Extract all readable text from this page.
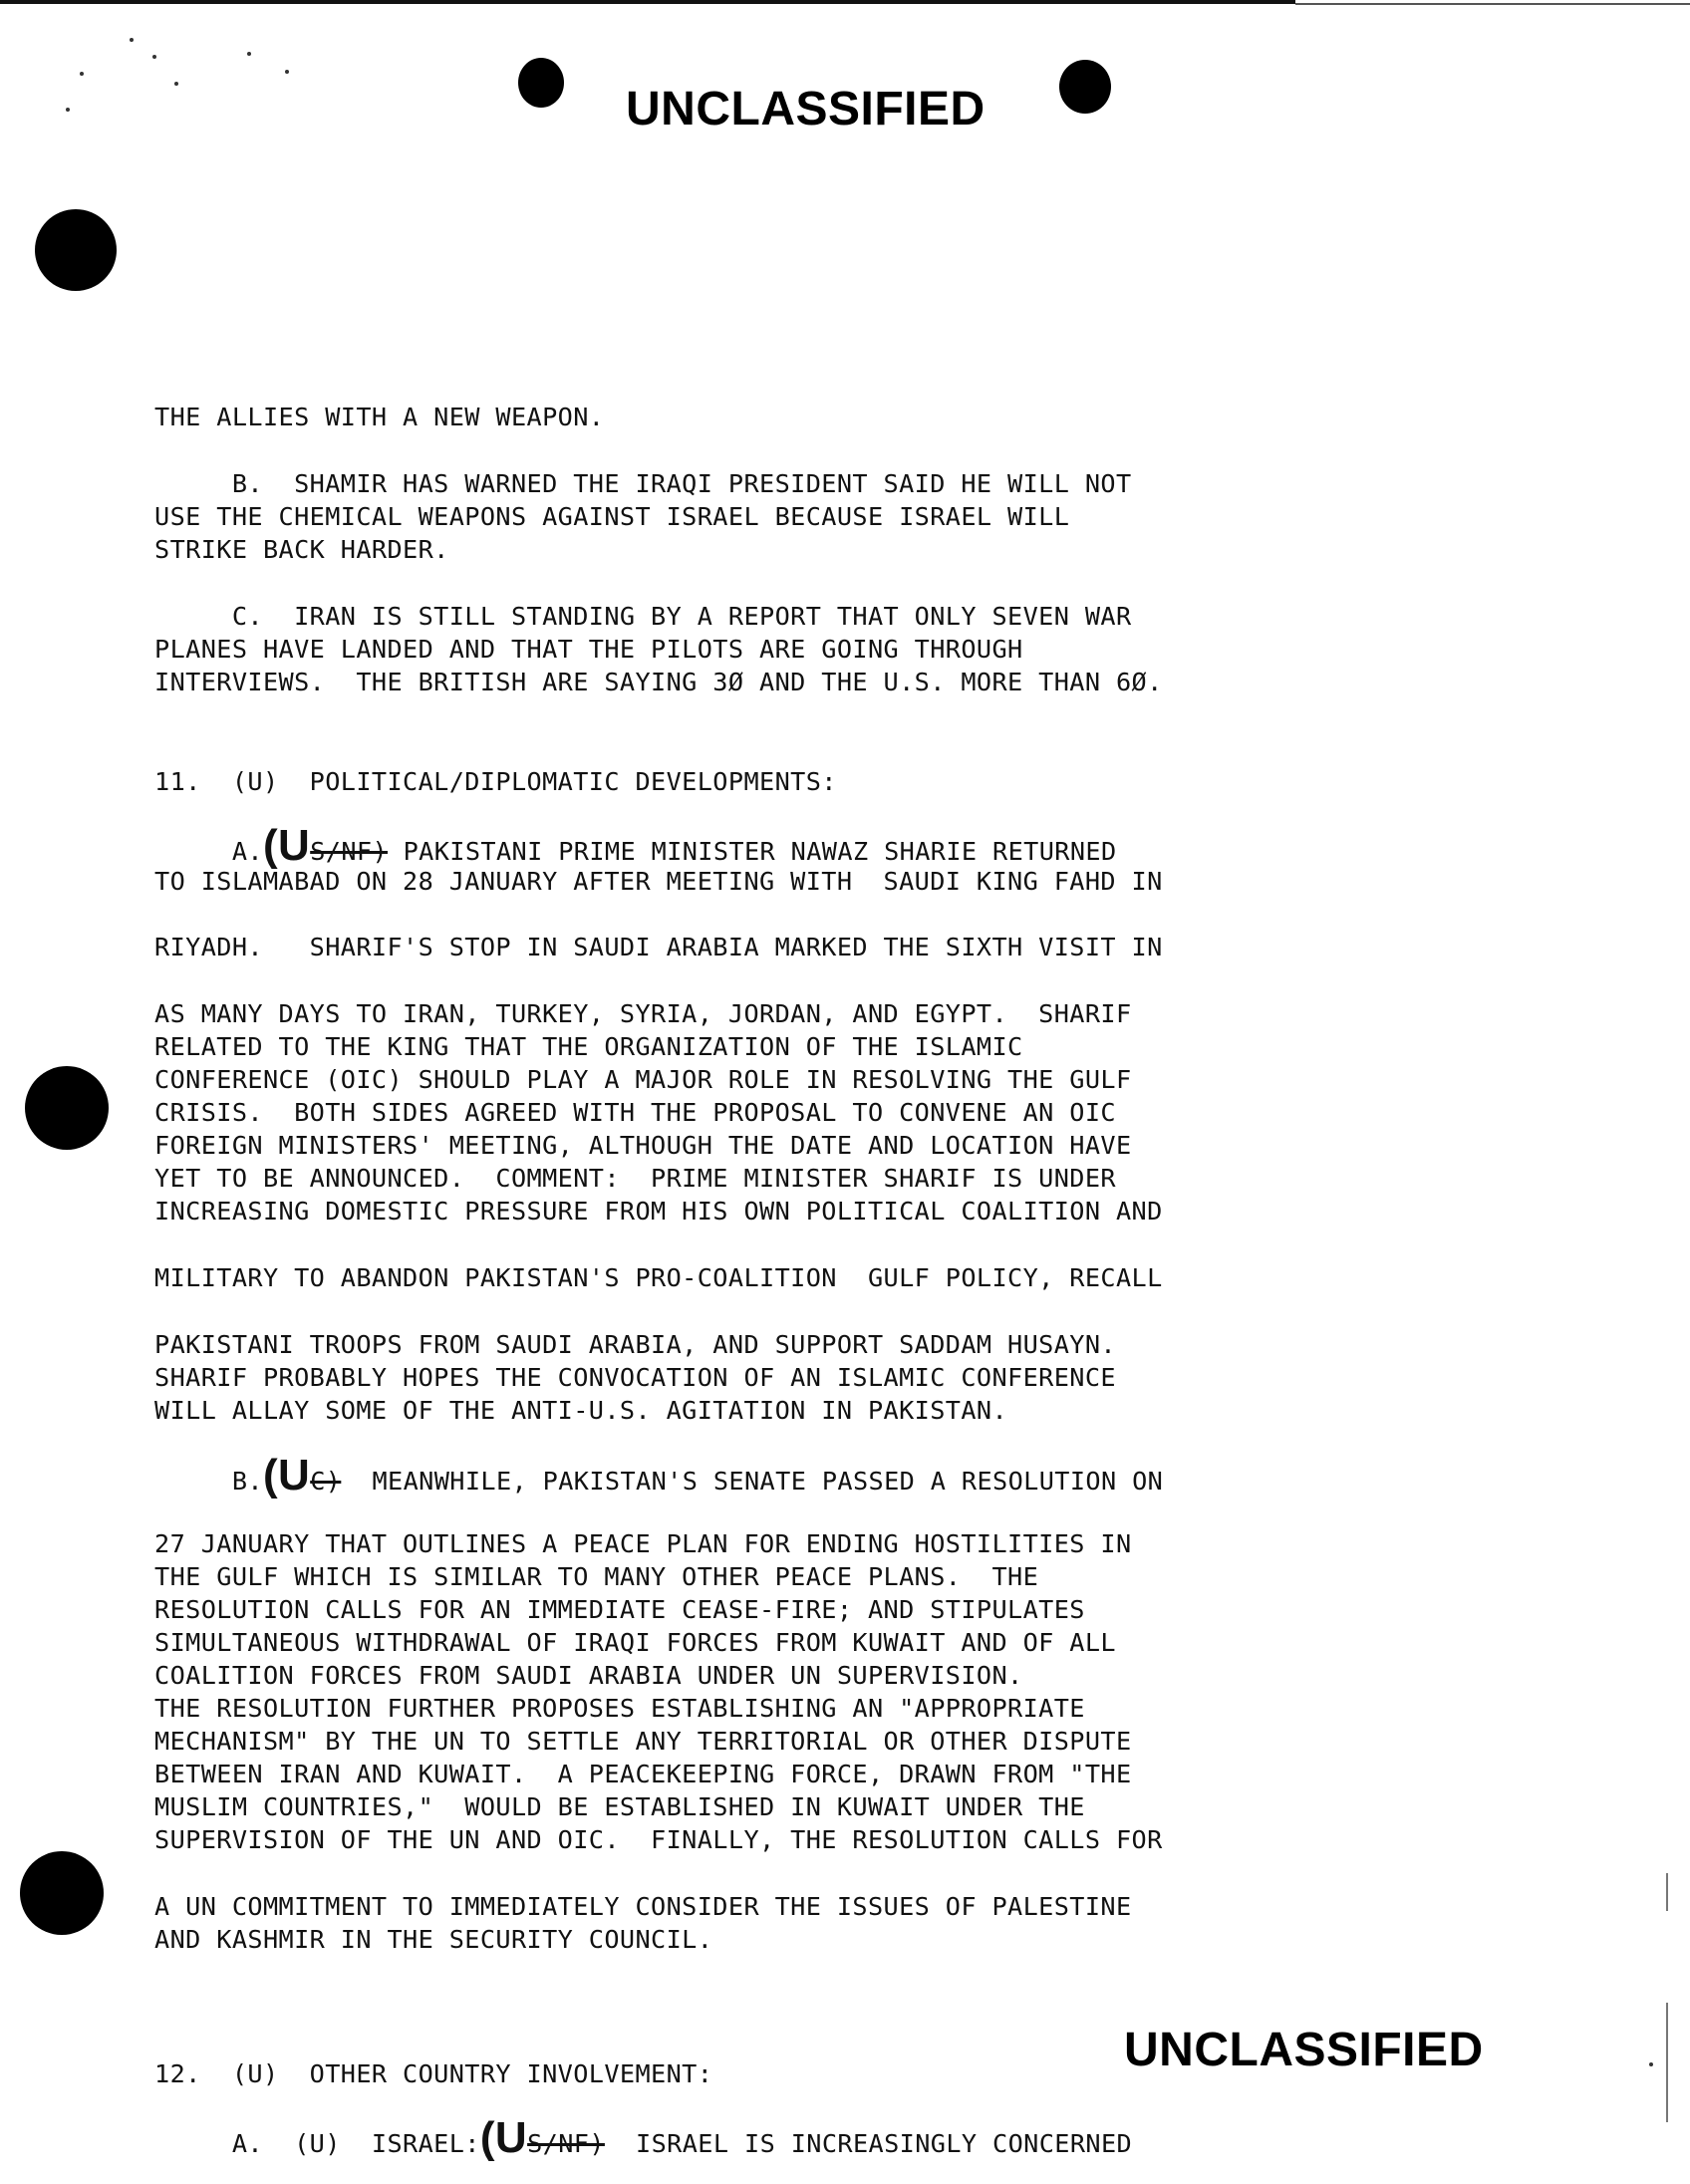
UNCLASSIFIED

THE ALLIES WITH A NEW WEAPON.

B.  SHAMIR HAS WARNED THE IRAQI PRESIDENT SAID HE WILL NOT

USE THE CHEMICAL WEAPONS AGAINST ISRAEL BECAUSE ISRAEL WILL

STRIKE BACK HARDER.

C.  IRAN IS STILL STANDING BY A REPORT THAT ONLY SEVEN WAR

PLANES HAVE LANDED AND THAT THE PILOTS ARE GOING THROUGH

INTERVIEWS.  THE BRITISH ARE SAYING 3Ø AND THE U.S. MORE THAN 6Ø.

11.  (U)  POLITICAL/DIPLOMATIC DEVELOPMENTS:

A.(US/NF) PAKISTANI PRIME MINISTER NAWAZ SHARIE RETURNED

TO ISLAMABAD ON 28 JANUARY AFTER MEETING WITH  SAUDI KING FAHD IN

RIYADH.   SHARIF'S STOP IN SAUDI ARABIA MARKED THE SIXTH VISIT IN

AS MANY DAYS TO IRAN, TURKEY, SYRIA, JORDAN, AND EGYPT.  SHARIF

RELATED TO THE KING THAT THE ORGANIZATION OF THE ISLAMIC

CONFERENCE (OIC) SHOULD PLAY A MAJOR ROLE IN RESOLVING THE GULF

CRISIS.  BOTH SIDES AGREED WITH THE PROPOSAL TO CONVENE AN OIC

FOREIGN MINISTERS' MEETING, ALTHOUGH THE DATE AND LOCATION HAVE

YET TO BE ANNOUNCED.  COMMENT:  PRIME MINISTER SHARIF IS UNDER

INCREASING DOMESTIC PRESSURE FROM HIS OWN POLITICAL COALITION AND

MILITARY TO ABANDON PAKISTAN'S PRO-COALITION  GULF POLICY, RECALL

PAKISTANI TROOPS FROM SAUDI ARABIA, AND SUPPORT SADDAM HUSAYN.

SHARIF PROBABLY HOPES THE CONVOCATION OF AN ISLAMIC CONFERENCE

WILL ALLAY SOME OF THE ANTI-U.S. AGITATION IN PAKISTAN.

B.(UC)  MEANWHILE, PAKISTAN'S SENATE PASSED A RESOLUTION ON

27 JANUARY THAT OUTLINES A PEACE PLAN FOR ENDING HOSTILITIES IN

THE GULF WHICH IS SIMILAR TO MANY OTHER PEACE PLANS.  THE

RESOLUTION CALLS FOR AN IMMEDIATE CEASE-FIRE; AND STIPULATES

SIMULTANEOUS WITHDRAWAL OF IRAQI FORCES FROM KUWAIT AND OF ALL

COALITION FORCES FROM SAUDI ARABIA UNDER UN SUPERVISION.

THE RESOLUTION FURTHER PROPOSES ESTABLISHING AN "APPROPRIATE

MECHANISM" BY THE UN TO SETTLE ANY TERRITORIAL OR OTHER DISPUTE

BETWEEN IRAN AND KUWAIT.  A PEACEKEEPING FORCE, DRAWN FROM "THE

MUSLIM COUNTRIES,"  WOULD BE ESTABLISHED IN KUWAIT UNDER THE

SUPERVISION OF THE UN AND OIC.  FINALLY, THE RESOLUTION CALLS FOR

A UN COMMITMENT TO IMMEDIATELY CONSIDER THE ISSUES OF PALESTINE

AND KASHMIR IN THE SECURITY COUNCIL.

UNCLASSIFIED

12.  (U)  OTHER COUNTRY INVOLVEMENT:

A.  (U)  ISRAEL:(US/NF)  ISRAEL IS INCREASINGLY CONCERNED
